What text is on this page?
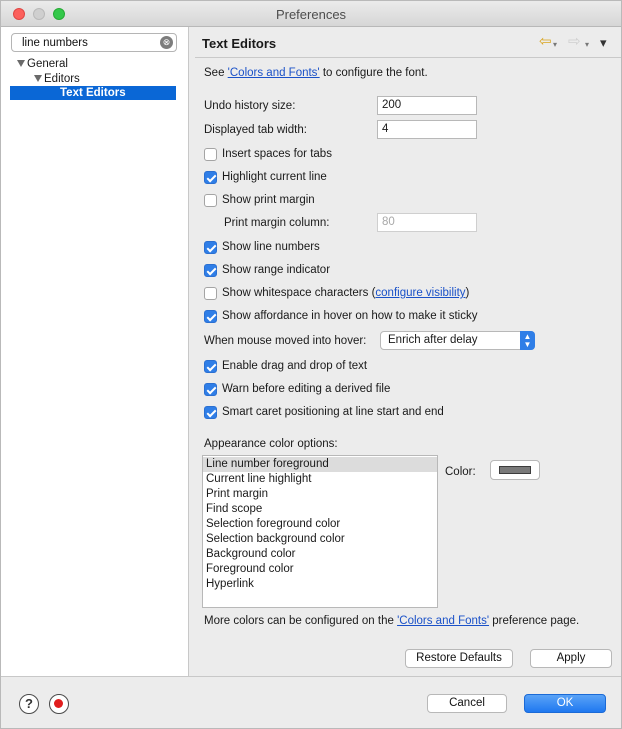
Preferences
line numbers
⊗
General
Editors
Text Editors
Text Editors	⇦ ▾ ⇨ ▾ ▾
See 'Colors and Fonts' to configure the font.
Undo history size:	200
Displayed tab width:	4
Insert spaces for tabs
Highlight current line
Show print margin
Print margin column:	80
Show line numbers
Show range indicator
Show whitespace characters (configure visibility)
Show affordance in hover on how to make it sticky
When mouse moved into hover: Enrich after delay	▲
▼
Enable drag and drop of text
Warn before editing a derived file
Smart caret positioning at line start and end
Appearance color options:
Line number foreground
Current line highlight
Print margin
Find scope
Selection foreground color
Selection background color
Background color
Foreground color
Hyperlink
Color:
More colors can be configured on the 'Colors and Fonts' preference page.
Restore Defaults	Apply
?	Cancel	OK
